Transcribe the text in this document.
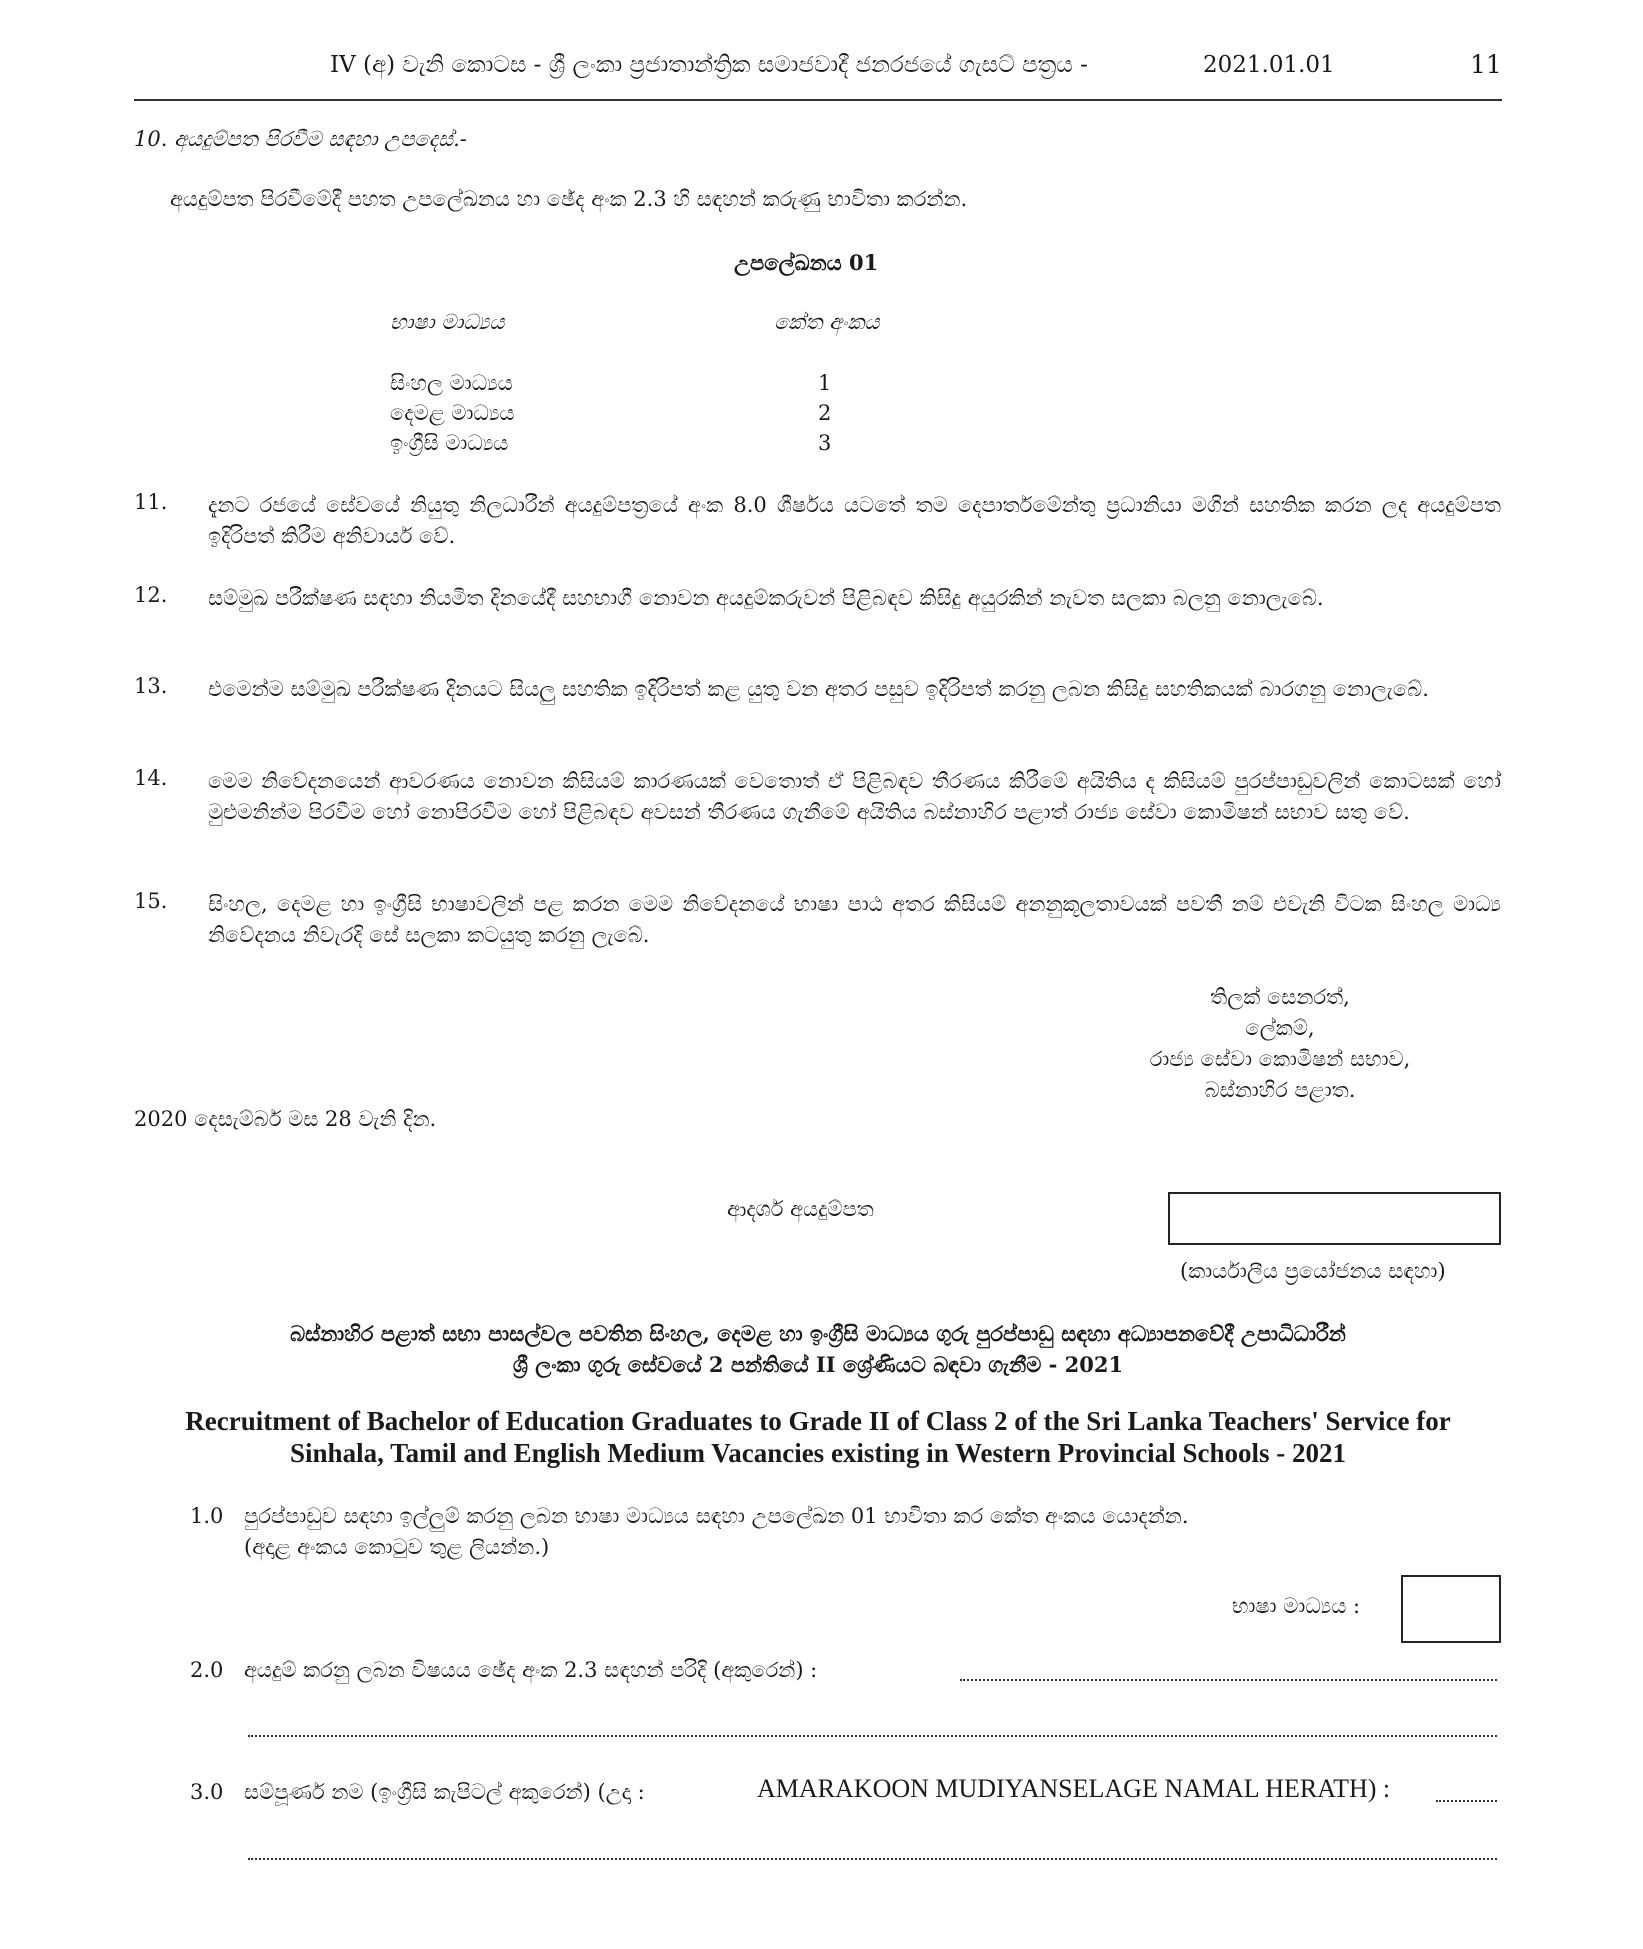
IV (අ) වැනි කොටස - ශ්‍රී ලංකා ප්‍රජාතාන්ත්‍රික සමාජවාදී ජනරජයේ ගැසට් පත්‍රය -	2021.01.01	11
10. අයදුම්පත පිරවීම සඳහා උපදෙස්.-
අයදුම්පත පිරවීමේදී පහත උපලේඛනය හා ඡේද අංක 2.3 හි සඳහන් කරුණු භාවිතා කරන්න.
උපලේඛනය 01
භාෂා මාධ්‍යය	කේත අංකය
සිංහල මාධ්‍යය	1
දෙමළ මාධ්‍යය	2
ඉංග්‍රීසි මාධ්‍යය	3
11. දැනට රජයේ සේවයේ නියුතු නිලධාරීන් අයදුම්පත්‍රයේ අංක 8.0 ශීර්ෂය යටතේ තම දෙපාර්තමේන්තු ප්‍රධානියා මගින් සහතික කරන ලද අයදුම්පත ඉදිරිපත් කිරීම අනිවාර්ය වේ.
12. සම්මුඛ පරීක්ෂණ සඳහා නියමිත දිනයේදී සහභාගී නොවන අයදුම්කරුවන් පිළිබඳව කිසිදු අයුරකින් නැවත සලකා බලනු නොලැබේ.
13. එමෙන්ම සම්මුඛ පරීක්ෂණ දිනයට සියලු සහතික ඉදිරිපත් කළ යුතු වන අතර පසුව ඉදිරිපත් කරනු ලබන කිසිදු සහතිකයක් බාරගනු නොලැබේ.
14. මෙම නිවේදනයෙන් ආවරණය නොවන කිසියම් කාරණයක් වෙතොත් ඒ පිළිබඳව තීරණය කිරීමේ අයිතිය ද කිසියම් පුරප්පාඩුවලින් කොටසක් හෝ මුළුමනින්ම පිරවීම හෝ නොපිරවීම හෝ පිළිබඳව අවසන් තීරණය ගැනීමේ අයිතිය බස්නාහිර පළාත් රාජ්‍ය සේවා කොමිෂන් සභාව සතු වේ.
15. සිංහල, දෙමළ හා ඉංග්‍රීසි භාෂාවලින් පළ කරන මෙම නිවේදනයේ භාෂා පාඨ අතර කිසියම් අනනුකූලතාවයක් පවතී නම් එවැනි විටක සිංහල මාධ්‍ය නිවේදනය නිවැරදි සේ සලකා කටයුතු කරනු ලැබේ.
තිලක් සෙනරත්,
ලේකම්,
රාජ්‍ය සේවා කොමිෂන් සභාව,
බස්නාහිර පළාත.
2020 දෙසැම්බර් මස 28 වැනි දින.
ආදර්ශ අයදුම්පත
(කාර්යාලීය ප්‍රයෝජනය සඳහා)
බස්නාහිර පළාත් සභා පාසල්වල පවතින සිංහල, දෙමළ හා ඉංග්‍රීසි මාධ්‍යය ගුරු පුරප්පාඩු සඳහා අධ්‍යාපනවේදී උපාධිධාරීන්
ශ්‍රී ලංකා ගුරු සේවයේ 2 පන්තියේ II ශ්‍රේණියට බඳවා ගැනීම - 2021
Recruitment of Bachelor of Education Graduates to Grade II of Class 2 of the Sri Lanka Teachers' Service for
Sinhala, Tamil and English Medium Vacancies existing in Western Provincial Schools - 2021
1.0 පුරප්පාඩුව සඳහා ඉල්ලුම් කරනු ලබන භාෂා මාධ්‍යය සඳහා උපලේඛන 01 භාවිතා කර කේත අංකය යොදන්න.
(අදාළ අංකය කොටුව තුළ ලියන්න.)
භාෂා මාධ්‍යය :
2.0 අයදුම් කරනු ලබන විෂයය ඡේද අංක 2.3 සඳහන් පරිදි (අකුරෙන්) :
3.0 සම්පූර්ණ නම (ඉංග්‍රීසි කැපිටල් අකුරෙන්) (උදා :	AMARAKOON MUDIYANSELAGE NAMAL HERATH) :
